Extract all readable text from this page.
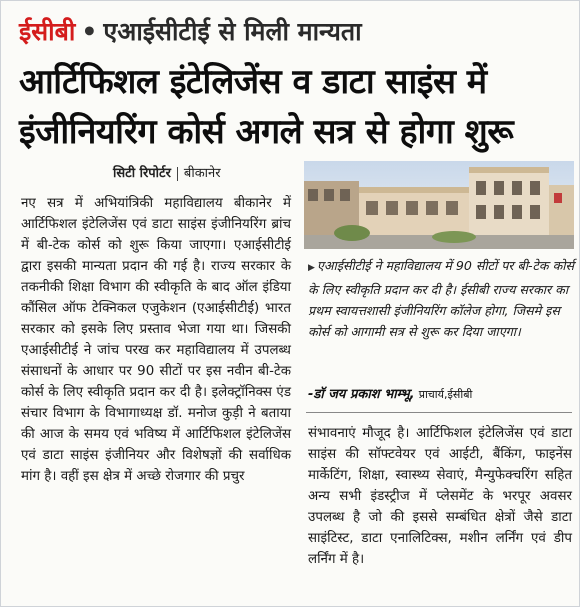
ईसीबी • एआईसीटीई से मिली मान्यता
आर्टिफिशल इंटेलिजेंस व डाटा साइंस में
इंजीनियरिंग कोर्स अगले सत्र से होगा शुरू
सिटी रिपोर्टर बीकानेर

नए सत्र में अभियांत्रिकी महाविद्यालय बीकानेर में आर्टिफिशल इंटेलिजेंस एवं डाटा साइंस इंजीनियरिंग ब्रांच में बी-टेक कोर्स को शुरू किया जाएगा। एआईसीटीई द्वारा इसकी मान्यता प्रदान की गई है। राज्य सरकार के तकनीकी शिक्षा विभाग की स्वीकृति के बाद ऑल इंडिया कौंसिल ऑफ टेक्निकल एजुकेशन (एआईसीटीई) भारत सरकार को इसके लिए प्रस्ताव भेजा गया था। जिसकी एआईसीटीई ने जांच परख कर महाविद्यालय में उपलब्ध संसाधनों के आधार पर 90 सीटों पर इस नवीन बी-टेक कोर्स के लिए स्वीकृति प्रदान कर दी है। इलेक्ट्रॉनिक्स एंड संचार विभाग के विभागाध्यक्ष डॉ. मनोज कुड़ी ने बताया की आज के समय एवं भविष्य में आर्टिफिशल इंटेलिजेंस एवं डाटा साइंस इंजीनियर और विशेषज्ञों की सर्वाधिक मांग है। वहीं इस क्षेत्र में अच्छे रोजगार की प्रचुर

▶ एआईसीटीई ने महाविद्यालय में 90 सीटों पर बी-टेक कोर्स के लिए स्वीकृति प्रदान कर दी है। ईसीबी राज्य सरकार का प्रथम स्वायत्तशासी इंजीनियरिंग कॉलेज होगा, जिसमे इस कोर्स को आगामी सत्र से शुरू कर दिया जाएगा।
-डॉ जय प्रकाश भाम्भू, प्राचार्य,ईसीबी

संभावनाएं मौजूद है। आर्टिफिशल इंटेलिजेंस एवं डाटा साइंस की सॉफ्टवेयर एवं आईटी, बैंकिंग, फाइनेंस मार्केटिंग, शिक्षा, स्वास्थ्य सेवाएं, मैन्युफेक्चरिंग सहित अन्य सभी इंडस्ट्रीज में प्लेसमेंट के भरपूर अवसर उपलब्ध है जो की इससे सम्बंधित क्षेत्रों जैसे डाटा साइंटिस्ट, डाटा एनालिटिक्स, मशीन लर्निंग एवं डीप लर्निंग में है।
